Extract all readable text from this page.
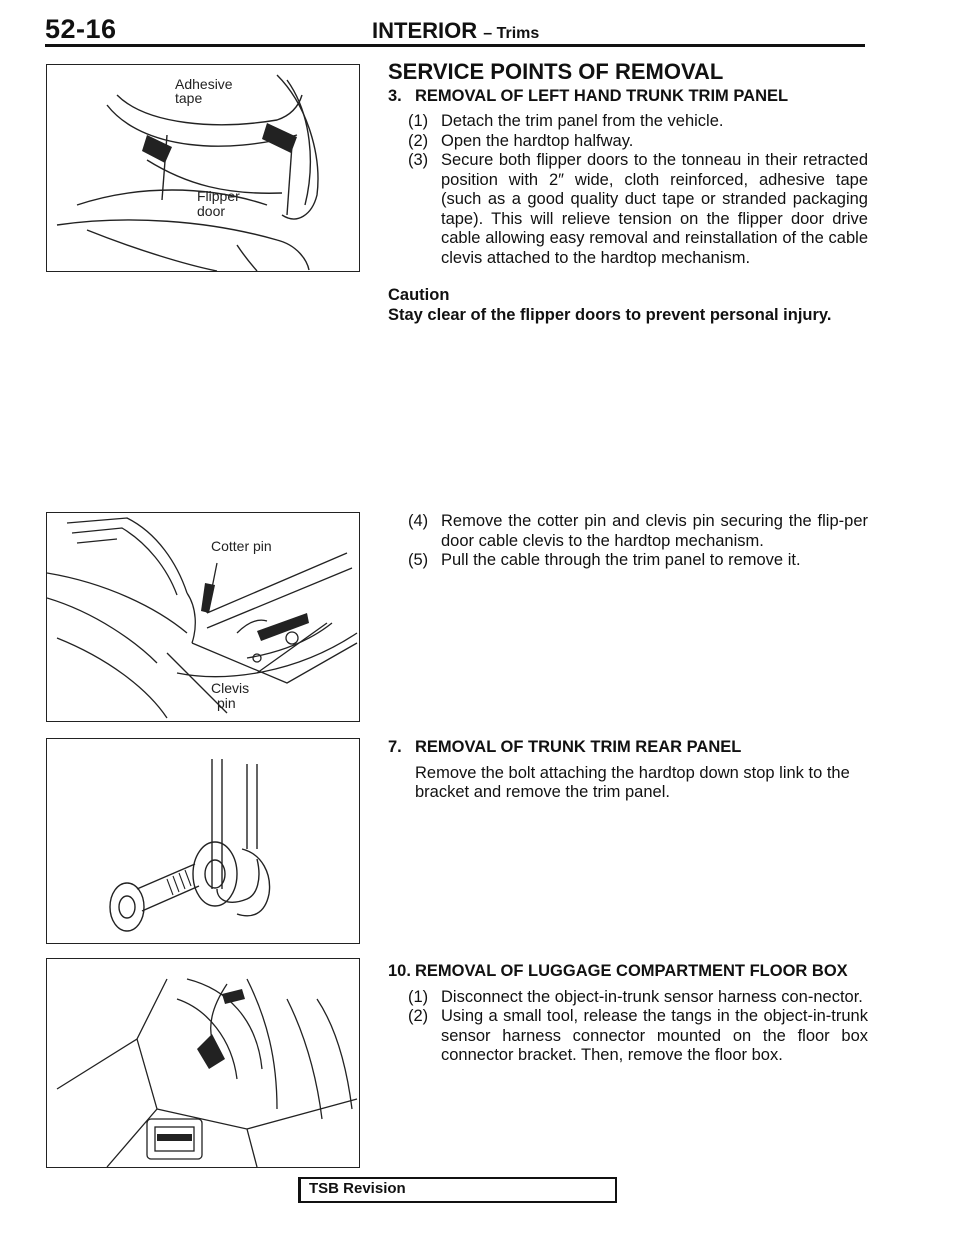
52-16	INTERIOR – Trims
Adhesive
tape
Flipper
door
Cotter pin
Clevis
pin
SERVICE POINTS OF REMOVAL
3. REMOVAL OF LEFT HAND TRUNK TRIM PANEL
(1) Detach the trim panel from the vehicle.
(2) Open the hardtop halfway.
(3) Secure both flipper doors to the tonneau in their retracted position with 2″ wide, cloth reinforced, adhesive tape (such as a good quality duct tape or stranded packaging tape). This will relieve tension on the flipper door drive cable allowing easy removal and reinstallation of the cable clevis attached to the hardtop mechanism.
Caution
Stay clear of the flipper doors to prevent personal injury.
(4) Remove the cotter pin and clevis pin securing the flip-per door cable clevis to the hardtop mechanism.
(5) Pull the cable through the trim panel to remove it.
7. REMOVAL OF TRUNK TRIM REAR PANEL
Remove the bolt attaching the hardtop down stop link to the bracket and remove the trim panel.
10. REMOVAL OF LUGGAGE COMPARTMENT FLOOR BOX
(1) Disconnect the object-in-trunk sensor harness con-nector.
(2) Using a small tool, release the tangs in the object-in-trunk sensor harness connector mounted on the floor box connector bracket. Then, remove the floor box.
TSB Revision
